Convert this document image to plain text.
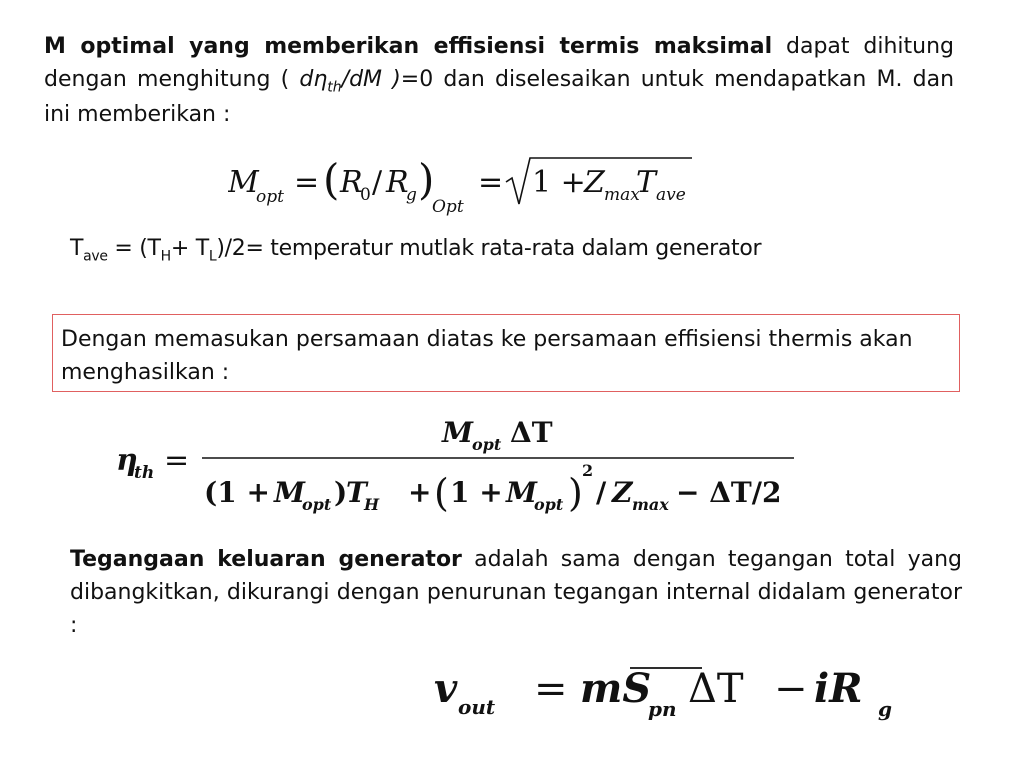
M optimal yang memberikan effisiensi termis maksimal dapat dihitung dengan menghitung ( $d\eta_{th}/dM$ )=0 dan diselesaikan untuk mendapatkan M. dan ini memberikan :

M
opt = ( R
0 / R
g )
Opt
= 1 +
Z max
T ave

$T_{ave} = (T_H+ T_L)/2=$ temperatur mutlak rata-rata dalam generator

Dengan memasukan persamaan diatas ke persamaan effisiensi thermis akan menghasilkan :

η
th =
M opt ΔT
(1 + M
opt )
T
H + ( 1 + M
opt )
2
/ Z max − ΔT/2

Tegangaan keluaran generator adalah sama dengan tegangan total yang dibangkitkan, dikurangi dengan penurunan tegangan internal didalam generator :

v out = mS
pn ΔT − iR g
